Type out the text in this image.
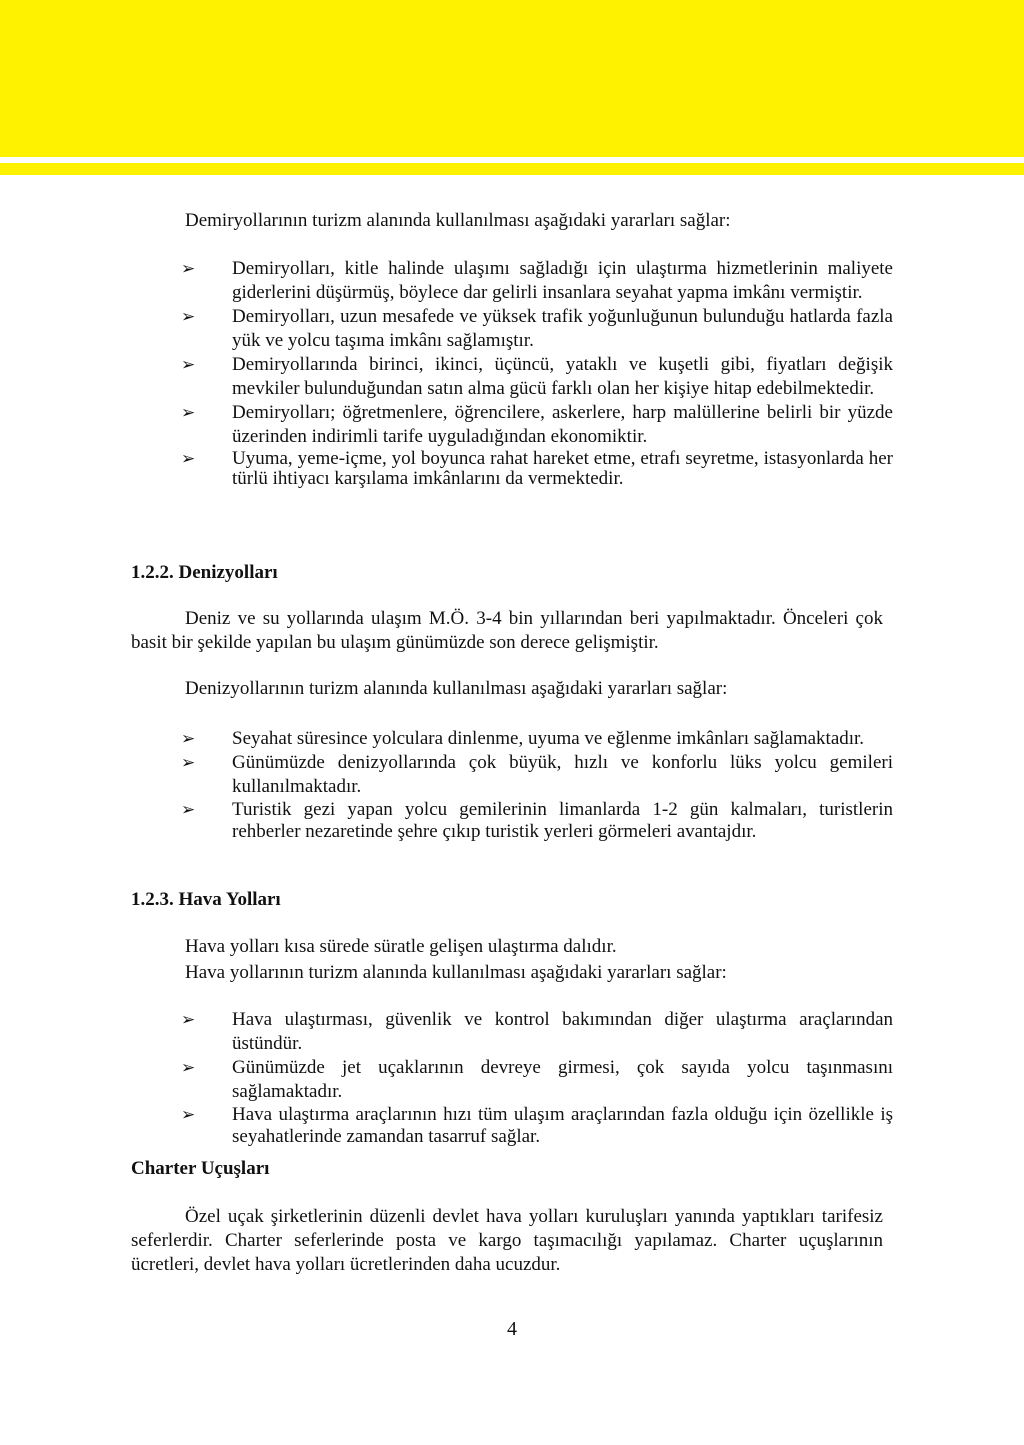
Demiryollarının turizm alanında kullanılması aşağıdaki yararları sağlar:
➢ Demiryolları, kitle halinde ulaşımı sağladığı için ulaştırma hizmetlerinin maliyete giderlerini düşürmüş, böylece dar gelirli insanlara seyahat yapma imkânı vermiştir.
➢ Demiryolları, uzun mesafede ve yüksek trafik yoğunluğunun bulunduğu hatlarda fazla yük ve yolcu taşıma imkânı sağlamıştır.
➢ Demiryollarında birinci, ikinci, üçüncü, yataklı ve kuşetli gibi, fiyatları değişik mevkiler bulunduğundan satın alma gücü farklı olan her kişiye hitap edebilmektedir.
➢ Demiryolları; öğretmenlere, öğrencilere, askerlere, harp malüllerine belirli bir yüzde üzerinden indirimli tarife uyguladığından ekonomiktir.
➢ Uyuma, yeme-içme, yol boyunca rahat hareket etme, etrafı seyretme, istasyonlarda her türlü ihtiyacı karşılama imkânlarını da vermektedir.
1.2.2. Denizyolları

Deniz ve su yollarında ulaşım M.Ö. 3-4 bin yıllarından beri yapılmaktadır. Önceleri çok basit bir şekilde yapılan bu ulaşım günümüzde son derece gelişmiştir.

Denizyollarının turizm alanında kullanılması aşağıdaki yararları sağlar:
➢ Seyahat süresince yolculara dinlenme, uyuma ve eğlenme imkânları sağlamaktadır.
➢ Günümüzde denizyollarında çok büyük, hızlı ve konforlu lüks yolcu gemileri kullanılmaktadır.
➢ Turistik gezi yapan yolcu gemilerinin limanlarda 1-2 gün kalmaları, turistlerin rehberler nezaretinde şehre çıkıp turistik yerleri görmeleri avantajdır.
1.2.3. Hava Yolları
Hava yolları kısa sürede süratle gelişen ulaştırma dalıdır.
Hava yollarının turizm alanında kullanılması aşağıdaki yararları sağlar:
➢ Hava ulaştırması, güvenlik ve kontrol bakımından diğer ulaştırma araçlarından üstündür.
➢ Günümüzde jet uçaklarının devreye girmesi, çok sayıda yolcu taşınmasını sağlamaktadır.
➢ Hava ulaştırma araçlarının hızı tüm ulaşım araçlarından fazla olduğu için özellikle iş seyahatlerinde zamandan tasarruf sağlar.
Charter Uçuşları

Özel uçak şirketlerinin düzenli devlet hava yolları kuruluşları yanında yaptıkları tarifesiz seferlerdir. Charter seferlerinde posta ve kargo taşımacılığı yapılamaz. Charter uçuşlarının ücretleri, devlet hava yolları ücretlerinden daha ucuzdur.

4
